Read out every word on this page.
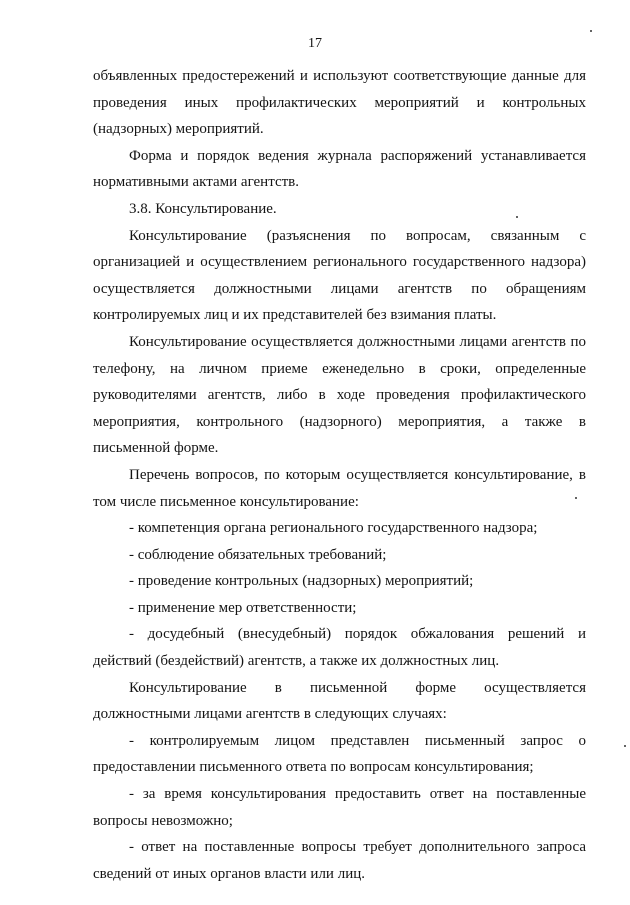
17

объявленных предостережений и используют соответствующие данные для проведения иных профилактических мероприятий и контрольных (надзорных) мероприятий.

Форма и порядок ведения журнала распоряжений устанавливается нормативными актами агентств.

3.8. Консультирование.

Консультирование (разъяснения по вопросам, связанным с организацией и осуществлением регионального государственного надзора) осуществляется должностными лицами агентств по обращениям контролируемых лиц и их представителей без взимания платы.

Консультирование осуществляется должностными лицами агентств по телефону, на личном приеме еженедельно в сроки, определенные руководителями агентств, либо в ходе проведения профилактического мероприятия, контрольного (надзорного) мероприятия, а также в письменной форме.

Перечень вопросов, по которым осуществляется консультирование, в том числе письменное консультирование:

- компетенция органа регионального государственного надзора;

- соблюдение обязательных требований;

- проведение контрольных (надзорных) мероприятий;

- применение мер ответственности;

- досудебный (внесудебный) порядок обжалования решений и действий (бездействий) агентств, а также их должностных лиц.

Консультирование в письменной форме осуществляется должностными лицами агентств в следующих случаях:

- контролируемым лицом представлен письменный запрос о предоставлении письменного ответа по вопросам консультирования;

- за время консультирования предоставить ответ на поставленные вопросы невозможно;

- ответ на поставленные вопросы требует дополнительного запроса сведений от иных органов власти или лиц.
